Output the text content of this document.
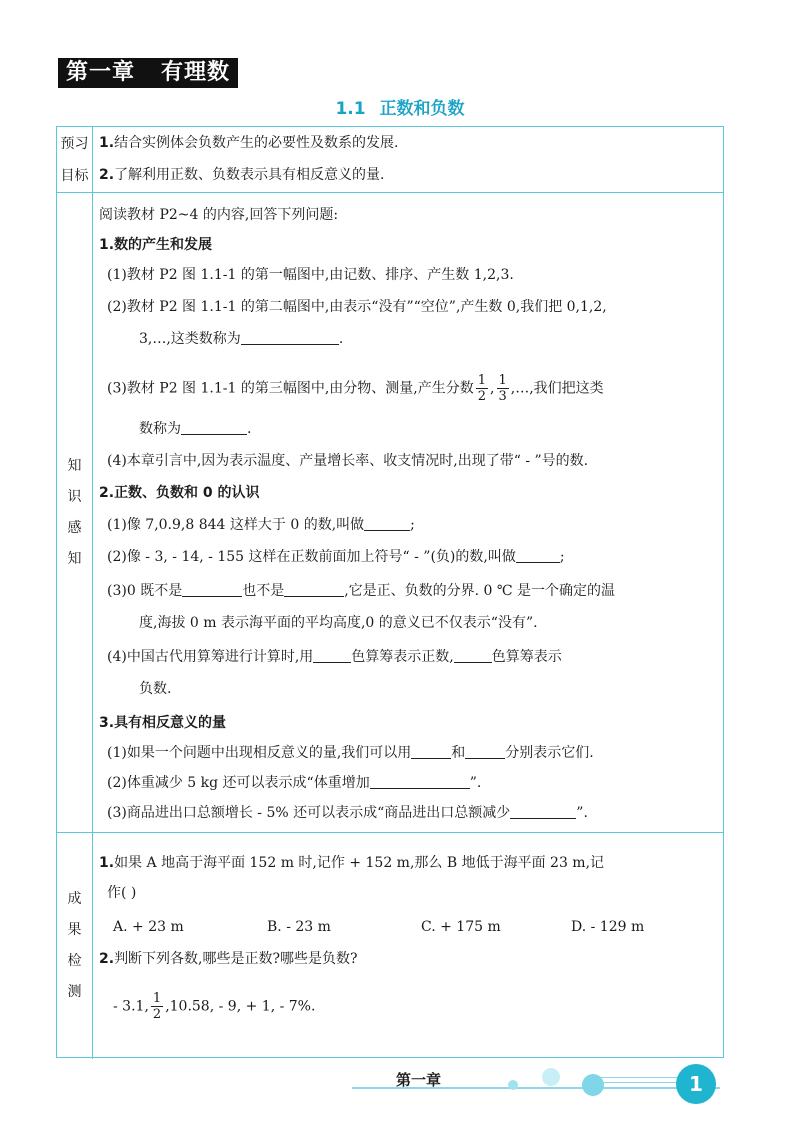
第一章   有理数
1.1 正数和负数
预习
目标
1.结合实例体会负数产生的必要性及数系的发展.
2.了解利用正数、负数表示具有相反意义的量.
知
识
感
知
阅读教材 P2~4 的内容,回答下列问题:
1.数的产生和发展
(1)教材 P2 图 1.1-1 的第一幅图中,由记数、排序、产生数 1,2,3.
(2)教材 P2 图 1.1-1 的第二幅图中,由表示“没有”“空位”,产生数 0,我们把 0,1,2,
3,…,这类数称为	.
(3)教材 P2 图 1.1-1 的第三幅图中,由分物、测量,产生分数 $\frac{1}{2}$ , $\frac{1}{3}$ ,…,我们把这类
数称为	.
(4)本章引言中,因为表示温度、产量增长率、收支情况时,出现了带“ - ”号的数.
2.正数、负数和 0 的认识
(1)像 7,0.9,8 844 这样大于 0 的数,叫做	;
(2)像 - 3, - 14, - 155 这样在正数前面加上符号“ - ”(负)的数,叫做	;
(3)0 既不是	也不是	,它是正、负数的分界. 0 ℃ 是一个确定的温
度,海拔 0 m 表示海平面的平均高度,0 的意义已不仅表示“没有”.
(4)中国古代用算筹进行计算时,用	色算筹表示正数,	色算筹表示
负数.
3.具有相反意义的量
(1)如果一个问题中出现相反意义的量,我们可以用	和	分别表示它们.
(2)体重减少 5 kg 还可以表示成“体重增加	”.
(3)商品进出口总额增长 - 5% 还可以表示成“商品进出口总额减少	”.
成
果
检
测
1.如果 A 地高于海平面 152 m 时,记作 + 152 m,那么 B 地低于海平面 23 m,记
作( )
A. + 23 m	B. - 23 m	C. + 175 m	D. - 129 m
2.判断下列各数,哪些是正数?哪些是负数?
- 3.1, $\frac{1}{2} ,10.58$, - 9, + 1, - 7%.
第一章	1
